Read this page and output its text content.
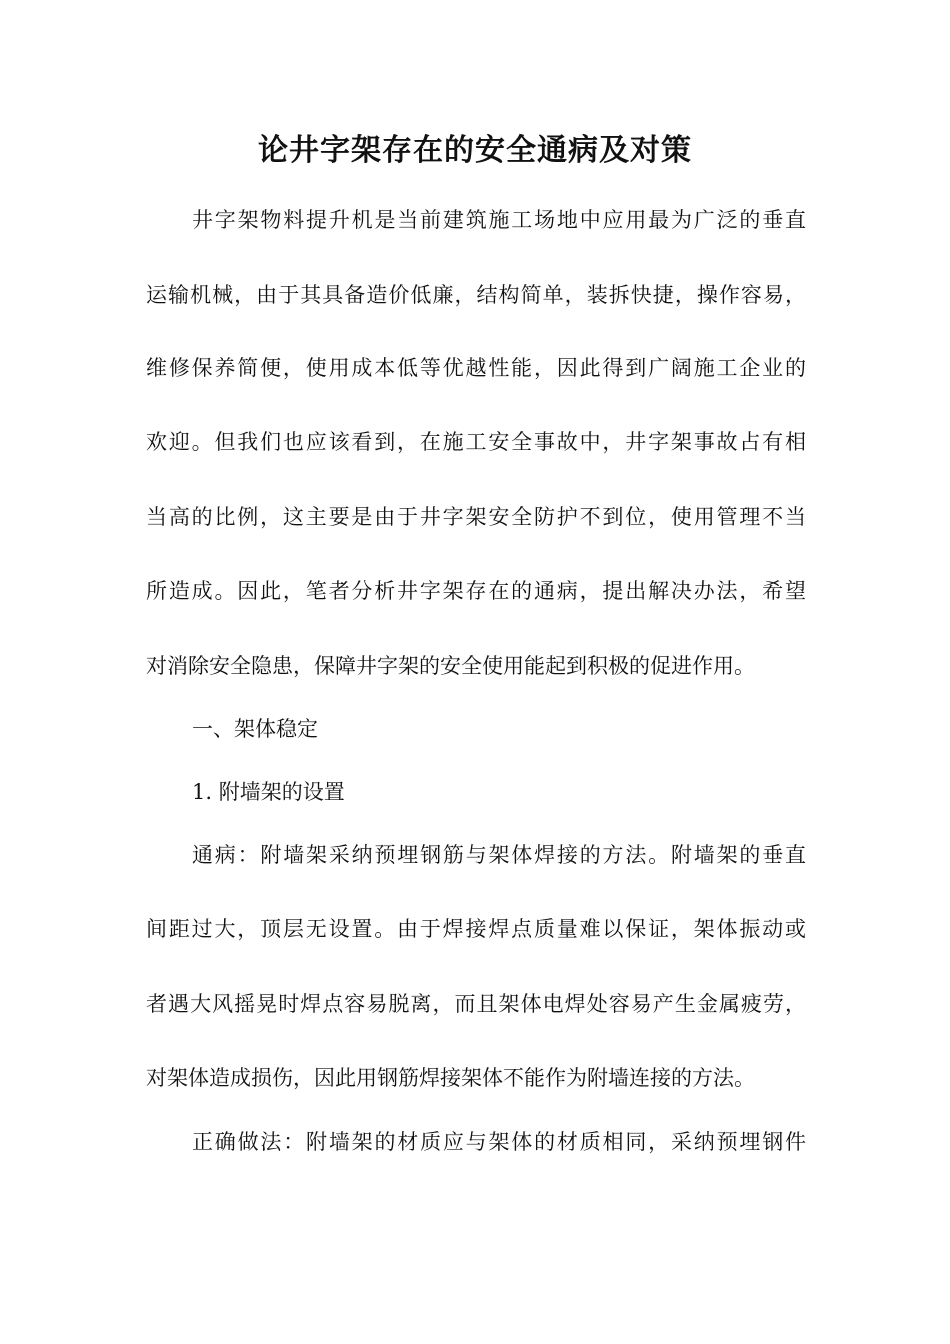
论井字架存在的安全通病及对策
井字架物料提升机是当前建筑施工场地中应用最为广泛的垂直
运输机械，由于其具备造价低廉，结构简单，装拆快捷，操作容易，
维修保养简便，使用成本低等优越性能，因此得到广阔施工企业的
欢迎。但我们也应该看到，在施工安全事故中，井字架事故占有相
当高的比例，这主要是由于井字架安全防护不到位，使用管理不当
所造成。因此，笔者分析井字架存在的通病，提出解决办法，希望
对消除安全隐患，保障井字架的安全使用能起到积极的促进作用。
一、架体稳定
1. 附墙架的设置
通病：附墙架采纳预埋钢筋与架体焊接的方法。附墙架的垂直
间距过大，顶层无设置。由于焊接焊点质量难以保证，架体振动或
者遇大风摇晃时焊点容易脱离，而且架体电焊处容易产生金属疲劳，
对架体造成损伤，因此用钢筋焊接架体不能作为附墙连接的方法。
正确做法：附墙架的材质应与架体的材质相同，采纳预埋钢件
